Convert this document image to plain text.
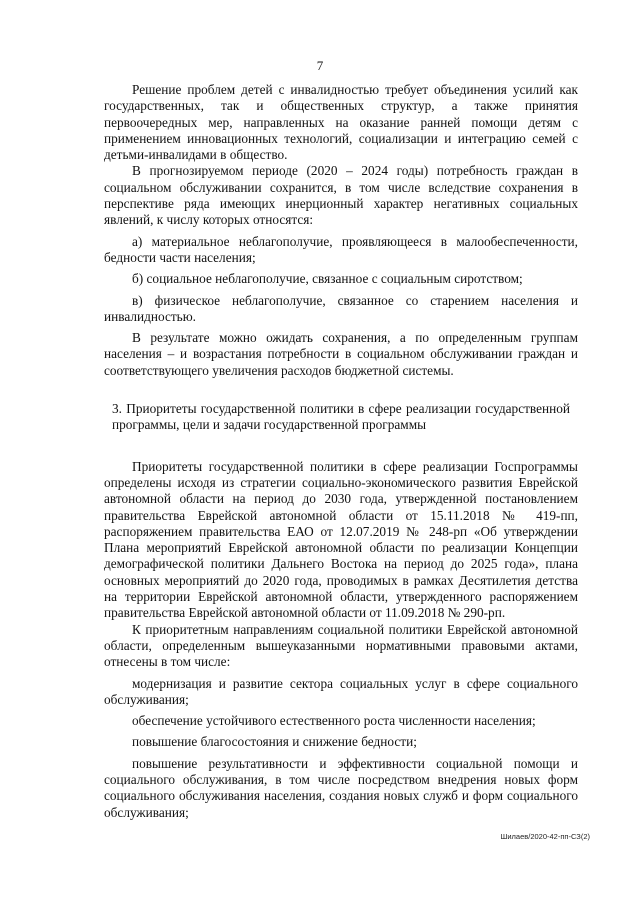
7

Решение проблем детей с инвалидностью требует объединения усилий как государственных, так и общественных структур, а также принятия первоочередных мер, направленных на оказание ранней помощи детям с применением инновационных технологий, социализации и интеграцию семей с детьми-инвалидами в общество.

В прогнозируемом периоде (2020 – 2024 годы) потребность граждан в социальном обслуживании сохранится, в том числе вследствие сохранения в перспективе ряда имеющих инерционный характер негативных социальных явлений, к числу которых относятся:

а) материальное неблагополучие, проявляющееся в малообеспеченности, бедности части населения;

б) социальное неблагополучие, связанное с социальным сиротством;

в) физическое неблагополучие, связанное со старением населения и инвалидностью.

В результате можно ожидать сохранения, а по определенным группам населения – и возрастания потребности в социальном обслуживании граждан и соответствующего увеличения расходов бюджетной системы.

3. Приоритеты государственной политики в сфере реализации государственной программы, цели и задачи государственной программы

Приоритеты государственной политики в сфере реализации Госпрограммы определены исходя из стратегии социально-экономического развития Еврейской автономной области на период до 2030 года, утвержденной постановлением правительства Еврейской автономной области от 15.11.2018 № 419-пп, распоряжением правительства ЕАО от 12.07.2019 № 248-рп «Об утверждении Плана мероприятий Еврейской автономной области по реализации Концепции демографической политики Дальнего Востока на период до 2025 года», плана основных мероприятий до 2020 года, проводимых в рамках Десятилетия детства на территории Еврейской автономной области, утвержденного распоряжением правительства Еврейской автономной области от 11.09.2018 № 290-рп.

К приоритетным направлениям социальной политики Еврейской автономной области, определенным вышеуказанными нормативными правовыми актами, отнесены в том числе:

модернизация и развитие сектора социальных услуг в сфере социального обслуживания;

обеспечение устойчивого естественного роста численности населения;

повышение благосостояния и снижение бедности;

повышение результативности и эффективности социальной помощи и социального обслуживания, в том числе посредством внедрения новых форм социального обслуживания населения, создания новых служб и форм социального обслуживания;

Шилаев/2020-42-пп-СЗ(2)
